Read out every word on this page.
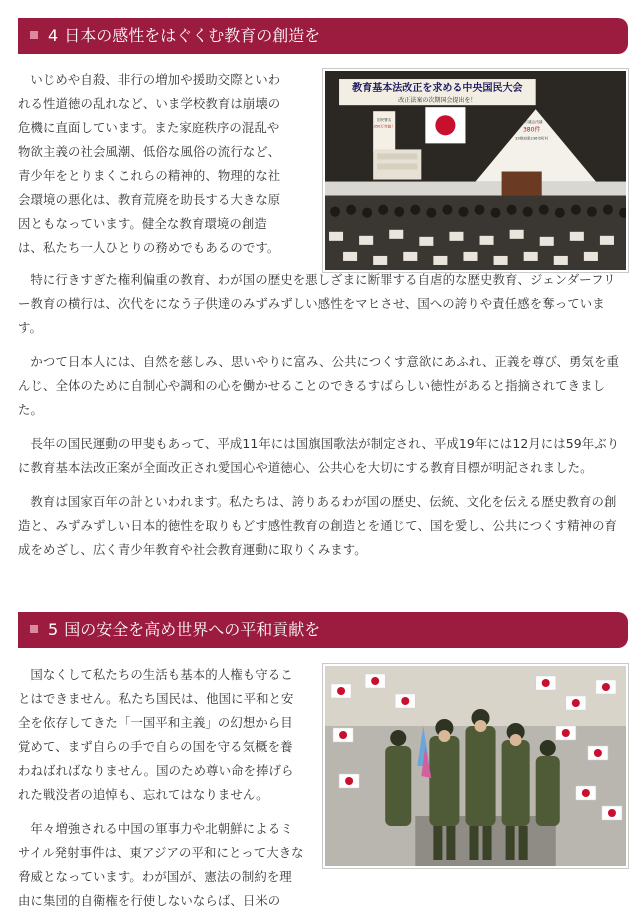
4 日本の感性をはぐくむ教育の創造を
教育基本法改正を求める中央国民大会
改正法案の次期国会提出を！
国民署名
350万突破！
地方議会決議
380件
33都府県236市町村

いじめや自殺、非行の増加や援助交際といわれる性道徳の乱れなど、いま学校教育は崩壊の危機に直面しています。また家庭秩序の混乱や物欲主義の社会風潮、低俗な風俗の流行など、青少年をとりまくこれらの精神的、物理的な社会環境の悪化は、教育荒廃を助長する大きな原因ともなっています。健全な教育環境の創造は、私たち一人ひとりの務めでもあるのです。

特に行きすぎた権利偏重の教育、わが国の歴史を悪しざまに断罪する自虐的な歴史教育、ジェンダーフリー教育の横行は、次代をになう子供達のみずみずしい感性をマヒさせ、国への誇りや責任感を奪っています。

かつて日本人には、自然を慈しみ、思いやりに富み、公共につくす意欲にあふれ、正義を尊び、勇気を重んじ、全体のために自制心や調和の心を働かせることのできるすばらしい徳性があると指摘されてきました。

長年の国民運動の甲斐もあって、平成11年には国旗国歌法が制定され、平成19年には12月には59年ぶりに教育基本法改正案が全面改正され愛国心や道徳心、公共心を大切にする教育目標が明記されました。

教育は国家百年の計といわれます。私たちは、誇りあるわが国の歴史、伝統、文化を伝える歴史教育の創造と、みずみずしい日本的徳性を取りもどす感性教育の創造とを通じて、国を愛し、公共につくす精神の育成をめざし、広く青少年教育や社会教育運動に取りくみます。

5 国の安全を高め世界への平和貢献を

国なくして私たちの生活も基本的人権も守ることはできません。私たち国民は、他国に平和と安全を依存してきた「一国平和主義」の幻想から目覚めて、まず自らの手で自らの国を守る気概を養わねばればなりません。国のため尊い命を捧げられた戦没者の追悼も、忘れてはなりません。

年々増強される中国の軍事力や北朝鮮によるミサイル発射事件は、東アジアの平和にとって大きな脅威となっています。わが国が、憲法の制約を理由に集団的自衛権を行使しないならば、日米の
